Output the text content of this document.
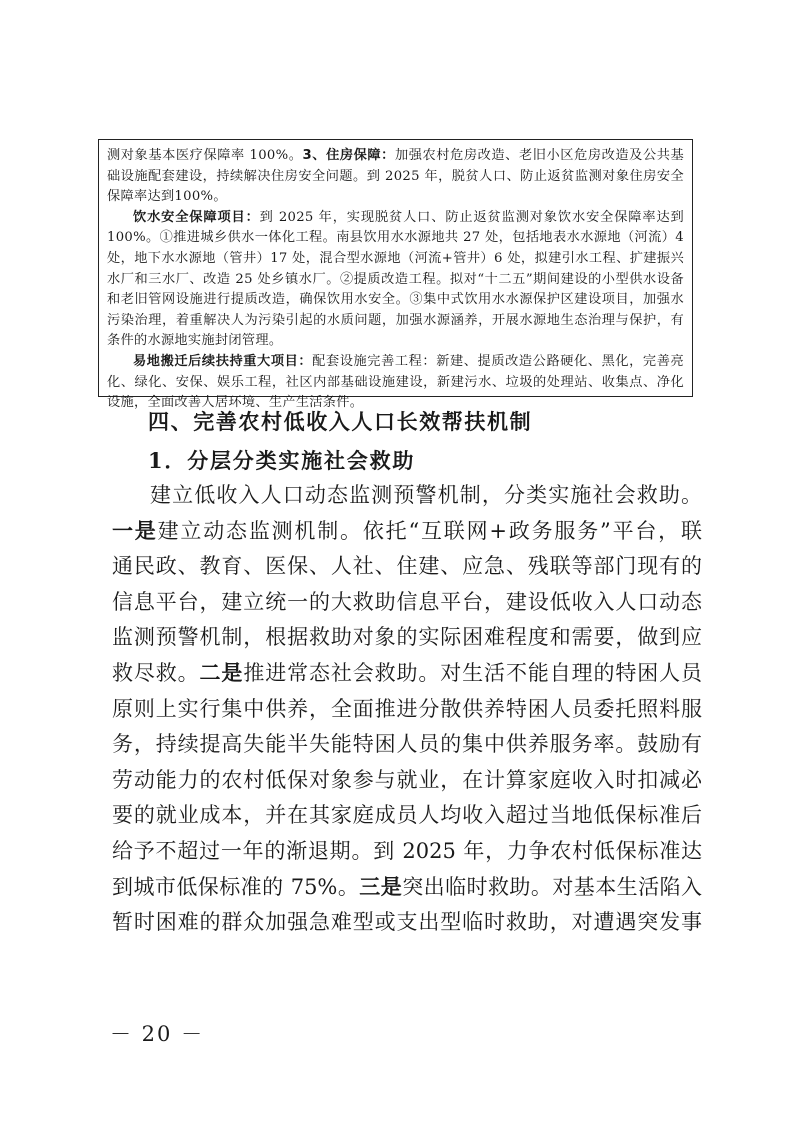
测对象基本医疗保障率 100%。3、住房保障：加强农村危房改造、老旧小区危房改造及公共基础设施配套建设，持续解决住房安全问题。到 2025 年，脱贫人口、防止返贫监测对象住房安全保障率达到100%。

饮水安全保障项目：到 2025 年，实现脱贫人口、防止返贫监测对象饮水安全保障率达到 100%。①推进城乡供水一体化工程。南县饮用水水源地共 27 处，包括地表水水源地（河流）4 处，地下水水源地（管井）17 处，混合型水源地（河流+管井）6 处，拟建引水工程、扩建振兴水厂和三水厂、改造 25 处乡镇水厂。②提质改造工程。拟对“十二五”期间建设的小型供水设备和老旧管网设施进行提质改造，确保饮用水安全。③集中式饮用水水源保护区建设项目，加强水污染治理，着重解决人为污染引起的水质问题，加强水源涵养，开展水源地生态治理与保护，有条件的水源地实施封闭管理。

易地搬迁后续扶持重大项目：配套设施完善工程：新建、提质改造公路硬化、黑化，完善亮化、绿化、安保、娱乐工程，社区内部基础设施建设，新建污水、垃圾的处理站、收集点、净化设施，全面改善人居环境、生产生活条件。

四、完善农村低收入人口长效帮扶机制
1．分层分类实施社会救助
建立低收入人口动态监测预警机制，分类实施社会救助。
一是建立动态监测机制。依托“互联网+政务服务”平台，联
通民政、教育、医保、人社、住建、应急、残联等部门现有的
信息平台，建立统一的大救助信息平台，建设低收入人口动态
监测预警机制，根据救助对象的实际困难程度和需要，做到应
救尽救。二是推进常态社会救助。对生活不能自理的特困人员
原则上实行集中供养，全面推进分散供养特困人员委托照料服
务，持续提高失能半失能特困人员的集中供养服务率。鼓励有
劳动能力的农村低保对象参与就业，在计算家庭收入时扣减必
要的就业成本，并在其家庭成员人均收入超过当地低保标准后
给予不超过一年的渐退期。到 2025 年，力争农村低保标准达
到城市低保标准的 75%。三是突出临时救助。对基本生活陷入
暂时困难的群众加强急难型或支出型临时救助，对遭遇突发事
－ 20 －
